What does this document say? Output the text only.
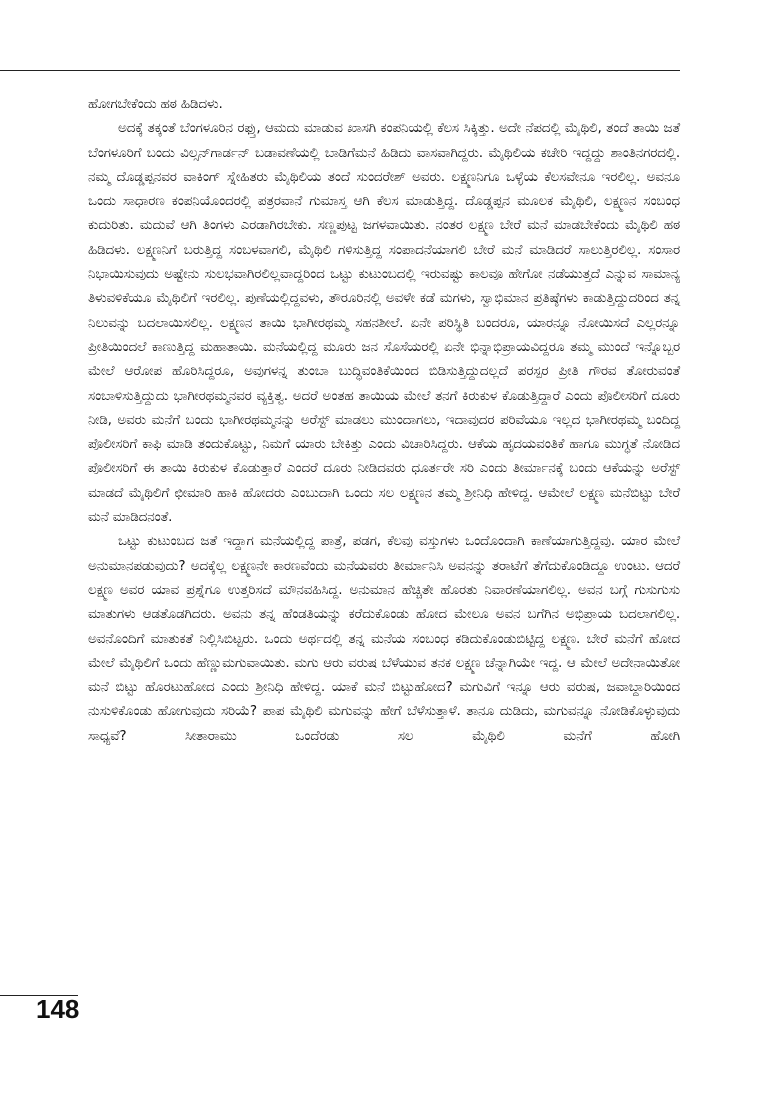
ಹೋಗಬೇಕೆಂದು ಹಠ ಹಿಡಿದಳು.

ಅದಕ್ಕೆ ತಕ್ಕಂತೆ ಬೆಂಗಳೂರಿನ ರಫ್ತು, ಆಮದು ಮಾಡುವ ಖಾಸಗಿ ಕಂಪನಿಯಲ್ಲಿ ಕೆಲಸ ಸಿಕ್ಕಿತ್ತು. ಅದೇ ನೆಪದಲ್ಲಿ ಮೈಥಿಲಿ, ತಂದೆ ತಾಯಿ ಜತೆ ಬೆಂಗಳೂರಿಗೆ ಬಂದು ವಿಲ್ಸನ್‌ಗಾರ್ಡನ್ ಬಡಾವಣೆಯಲ್ಲಿ ಬಾಡಿಗೆಮನೆ ಹಿಡಿದು ವಾಸವಾಗಿದ್ದರು. ಮೈಥಿಲಿಯ ಕಚೇರಿ ಇದ್ದದ್ದು ಶಾಂತಿನಗರದಲ್ಲಿ. ನಮ್ಮ ದೊಡ್ಡಪ್ಪನವರ ವಾಕಿಂಗ್ ಸ್ನೇಹಿತರು ಮೈಥಿಲಿಯ ತಂದೆ ಸುಂದರೇಶ್ ಅವರು. ಲಕ್ಷ್ಮಣನಿಗೂ ಒಳ್ಳೆಯ ಕೆಲಸವೇನೂ ಇರಲಿಲ್ಲ. ಅವನೂ ಒಂದು ಸಾಧಾರಣ ಕಂಪನಿಯೊಂದರಲ್ಲಿ ಪತ್ರರವಾನೆ ಗುಮಾಸ್ತ ಆಗಿ ಕೆಲಸ ಮಾಡುತ್ತಿದ್ದ. ದೊಡ್ಡಪ್ಪನ ಮೂಲಕ ಮೈಥಿಲಿ, ಲಕ್ಷ್ಮಣನ ಸಂಬಂಧ ಕುದುರಿತು. ಮದುವೆ ಆಗಿ ತಿಂಗಳು ಎರಡಾಗಿರಬೇಕು. ಸಣ್ಣಪುಟ್ಟ ಜಗಳವಾಯಿತು. ನಂತರ ಲಕ್ಷ್ಮಣ ಬೇರೆ ಮನೆ ಮಾಡಬೇಕೆಂದು ಮೈಥಿಲಿ ಹಠ ಹಿಡಿದಳು. ಲಕ್ಷ್ಮಣನಿಗೆ ಬರುತ್ತಿದ್ದ ಸಂಬಳವಾಗಲಿ, ಮೈಥಿಲಿ ಗಳಿಸುತ್ತಿದ್ದ ಸಂಪಾದನೆಯಾಗಲಿ ಬೇರೆ ಮನೆ ಮಾಡಿದರೆ ಸಾಲುತ್ತಿರಲಿಲ್ಲ. ಸಂಸಾರ ನಿಭಾಯಿಸುವುದು ಅಷ್ಟೇನು ಸುಲಭವಾಗಿರಲಿಲ್ಲವಾದ್ದರಿಂದ ಒಟ್ಟು ಕುಟುಂಬದಲ್ಲಿ ಇರುವಷ್ಟು ಕಾಲವೂ ಹೇಗೋ ನಡೆಯುತ್ತದೆ ಎನ್ನುವ ಸಾಮಾನ್ಯ ತಿಳುವಳಿಕೆಯೂ ಮೈಥಿಲಿಗೆ ಇರಲಿಲ್ಲ. ಪುಣೆಯಲ್ಲಿದ್ದವಳು, ತೌರೂರಿನಲ್ಲಿ ಅವಳೇ ಕಡೆ ಮಗಳು, ಸ್ವಾಭಿಮಾನ ಪ್ರತಿಷ್ಠೆಗಳು ಕಾಡುತ್ತಿದ್ದುದರಿಂದ ತನ್ನ ನಿಲುವನ್ನು ಬದಲಾಯಿಸಲಿಲ್ಲ. ಲಕ್ಷ್ಮಣನ ತಾಯಿ ಭಾಗೀರಥಮ್ಮ ಸಹನಶೀಲೆ. ಏನೇ ಪರಿಸ್ಥಿತಿ ಬಂದರೂ, ಯಾರನ್ನೂ ನೋಯಿಸದೆ ಎಲ್ಲರನ್ನೂ ಪ್ರೀತಿಯಿಂದಲೆ ಕಾಣುತ್ತಿದ್ದ ಮಹಾತಾಯಿ. ಮನೆಯಲ್ಲಿದ್ದ ಮೂರು ಜನ ಸೊಸೆಯರಲ್ಲಿ ಏನೇ ಭಿನ್ನಾಭಿಪ್ರಾಯವಿದ್ದರೂ ತಮ್ಮ ಮುಂದೆ ಇನ್ನೊಬ್ಬರ ಮೇಲೆ ಆರೋಪ ಹೊರಿಸಿದ್ದರೂ, ಅವುಗಳನ್ನ ತುಂಬಾ ಬುದ್ಧಿವಂತಿಕೆಯಿಂದ ಬಿಡಿಸುತ್ತಿದ್ದುದಲ್ಲದೆ ಪರಸ್ಪರ ಪ್ರೀತಿ ಗೌರವ ತೋರುವಂತೆ ಸಂಬಾಳಿಸುತ್ತಿದ್ದುದು ಭಾಗೀರಥಮ್ಮನವರ ವ್ಯಕ್ತಿತ್ವ. ಅದರೆ ಅಂತಹ ತಾಯಿಯ ಮೇಲೆ ತನಗೆ ಕಿರುಕುಳ ಕೊಡುತ್ತಿದ್ದಾರೆ ಎಂದು ಪೊಲೀಸರಿಗೆ ದೂರು ನೀಡಿ, ಅವರು ಮನೆಗೆ ಬಂದು ಭಾಗೀರಥಮ್ಮನನ್ನು ಅರೆಸ್ಟ್ ಮಾಡಲು ಮುಂದಾಗಲು, ಇದಾವುದರ ಪರಿವೆಯೂ ಇಲ್ಲದ ಭಾಗೀರಥಮ್ಮ ಬಂದಿದ್ದ ಪೊಲೀಸರಿಗೆ ಕಾಫಿ ಮಾಡಿ ತಂದುಕೊಟ್ಟು, ನಿಮಗೆ ಯಾರು ಬೇಕಿತ್ತು ಎಂದು ವಿಚಾರಿಸಿದ್ದರು. ಆಕೆಯ ಹೃದಯವಂತಿಕೆ ಹಾಗೂ ಮುಗ್ಧತೆ ನೋಡಿದ ಪೊಲೀಸರಿಗೆ ಈ ತಾಯಿ ಕಿರುಕುಳ ಕೊಡುತ್ತಾರೆ ಎಂದರೆ ದೂರು ನೀಡಿದವರು ಧೂರ್ತರೇ ಸರಿ ಎಂದು ತೀರ್ಮಾನಕ್ಕೆ ಬಂದು ಆಕೆಯನ್ನು ಅರೆಸ್ಟ್ ಮಾಡದೆ ಮೈಥಿಲಿಗೆ ಛೀಮಾರಿ ಹಾಕಿ ಹೋದರು ಎಂಬುದಾಗಿ ಒಂದು ಸಲ ಲಕ್ಷ್ಮಣನ ತಮ್ಮ ಶ್ರೀನಿಧಿ ಹೇಳಿದ್ದ. ಆಮೇಲೆ ಲಕ್ಷ್ಮಣ ಮನೆಬಿಟ್ಟು ಬೇರೆ ಮನೆ ಮಾಡಿದನಂತೆ.

ಒಟ್ಟು ಕುಟುಂಬದ ಜತೆ ಇದ್ದಾಗ ಮನೆಯಲ್ಲಿದ್ದ ಪಾತ್ರೆ, ಪಡಗ, ಕೆಲವು ವಸ್ತುಗಳು ಒಂದೊಂದಾಗಿ ಕಾಣೆಯಾಗುತ್ತಿದ್ದವು. ಯಾರ ಮೇಲೆ ಅನುಮಾನಪಡುವುದು? ಅದಕ್ಕೆಲ್ಲ ಲಕ್ಷ್ಮಣನೇ ಕಾರಣವೆಂದು ಮನೆಯವರು ತೀರ್ಮಾನಿಸಿ ಅವನನ್ನು ತರಾಟೆಗೆ ತೆಗೆದುಕೊಂಡಿದ್ದೂ ಉಂಟು. ಆದರೆ ಲಕ್ಷ್ಮಣ ಅವರ ಯಾವ ಪ್ರಶ್ನೆಗೂ ಉತ್ತರಿಸದೆ ಮೌನವಹಿಸಿದ್ದ. ಅನುಮಾನ ಹೆಚ್ಚಿತೇ ಹೊರತು ನಿವಾರಣೆಯಾಗಲಿಲ್ಲ. ಅವನ ಬಗ್ಗೆ ಗುಸುಗುಸು ಮಾತುಗಳು ಆಡತೊಡಗಿದರು. ಅವನು ತನ್ನ ಹೆಂಡತಿಯನ್ನು ಕರೆದುಕೊಂಡು ಹೋದ ಮೇಲೂ ಅವನ ಬಗೆಗಿನ ಅಭಿಪ್ರಾಯ ಬದಲಾಗಲಿಲ್ಲ. ಅವನೊಂದಿಗೆ ಮಾತುಕತೆ ನಿಲ್ಲಿಸಿಬಿಟ್ಟರು. ಒಂದು ಅರ್ಥದಲ್ಲಿ ತನ್ನ ಮನೆಯ ಸಂಬಂಧ ಕಡಿದುಕೊಂಡುಬಿಟ್ಟಿದ್ದ ಲಕ್ಷ್ಮಣ. ಬೇರೆ ಮನೆಗೆ ಹೋದ ಮೇಲೆ ಮೈಥಿಲಿಗೆ ಒಂದು ಹೆಣ್ಣುಮಗುವಾಯಿತು. ಮಗು ಆರು ವರುಷ ಬೆಳೆಯುವ ತನಕ ಲಕ್ಷ್ಮಣ ಚೆನ್ನಾಗಿಯೇ ಇದ್ದ. ಆ ಮೇಲೆ ಅದೇನಾಯಿತೋ ಮನೆ ಬಿಟ್ಟು ಹೊರಟುಹೋದ ಎಂದು ಶ್ರೀನಿಧಿ ಹೇಳಿದ್ದ. ಯಾಕೆ ಮನೆ ಬಿಟ್ಟುಹೋದ? ಮಗುವಿಗೆ ಇನ್ನೂ ಆರು ವರುಷ, ಜವಾಬ್ದಾರಿಯಿಂದ ನುಸುಳಿಕೊಂಡು ಹೋಗುವುದು ಸರಿಯೆ? ಪಾಪ ಮೈಥಿಲಿ ಮಗುವನ್ನು ಹೇಗೆ ಬೆಳೆಸುತ್ತಾಳೆ. ತಾನೂ ದುಡಿದು, ಮಗುವನ್ನೂ ನೋಡಿಕೊಳ್ಳುವುದು ಸಾಧ್ಯವೆ? ಸೀತಾರಾಮು ಒಂದೆರಡು ಸಲ ಮೈಥಿಲಿ ಮನೆಗೆ ಹೋಗಿ

148
